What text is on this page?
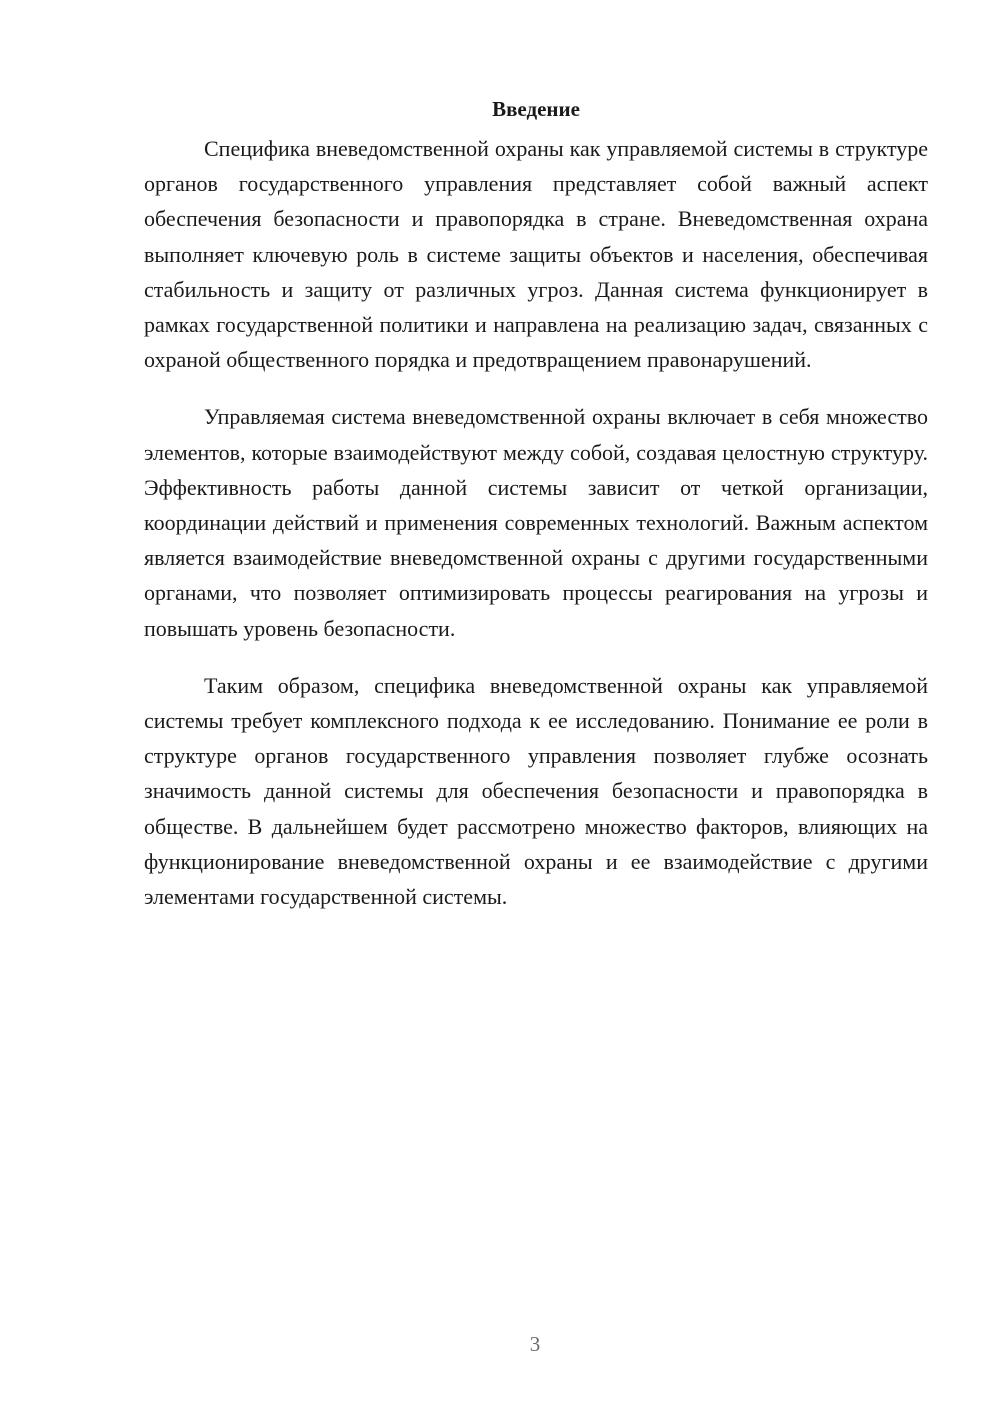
Введение

Специфика вневедомственной охраны как управляемой системы в структуре органов государственного управления представляет собой важный аспект обеспечения безопасности и правопорядка в стране. Вневедомственная охрана выполняет ключевую роль в системе защиты объектов и населения, обеспечивая стабильность и защиту от различных угроз. Данная система функционирует в рамках государственной политики и направлена на реализацию задач, связанных с охраной общественного порядка и предотвращением правонарушений.

Управляемая система вневедомственной охраны включает в себя множество элементов, которые взаимодействуют между собой, создавая целостную структуру. Эффективность работы данной системы зависит от четкой организации, координации действий и применения современных технологий. Важным аспектом является взаимодействие вневедомственной охраны с другими государственными органами, что позволяет оптимизировать процессы реагирования на угрозы и повышать уровень безопасности.

Таким образом, специфика вневедомственной охраны как управляемой системы требует комплексного подхода к ее исследованию. Понимание ее роли в структуре органов государственного управления позволяет глубже осознать значимость данной системы для обеспечения безопасности и правопорядка в обществе. В дальнейшем будет рассмотрено множество факторов, влияющих на функционирование вневедомственной охраны и ее взаимодействие с другими элементами государственной системы.

3
